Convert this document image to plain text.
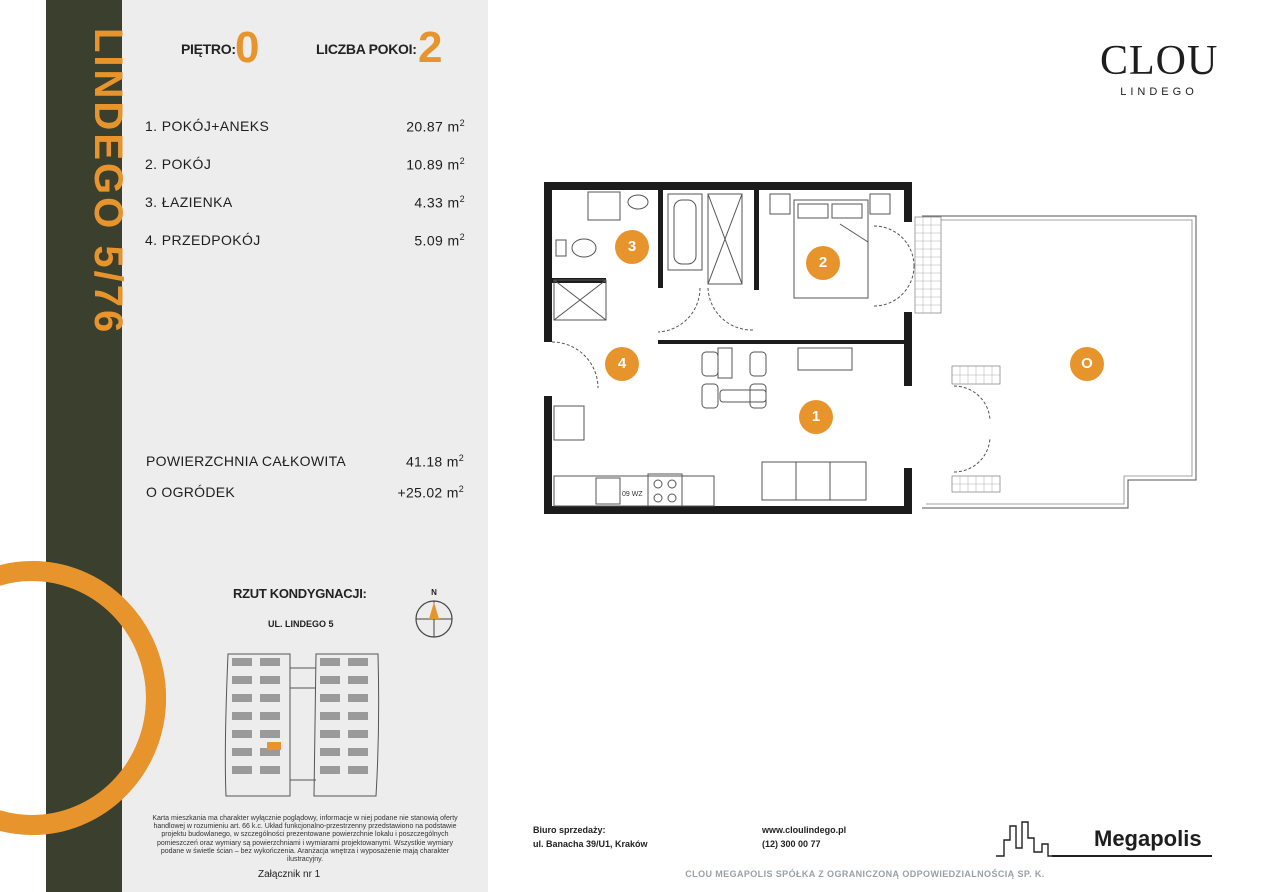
LINDEGO 5/76	PIĘTRO: 0	LICZBA POKOI: 2
1. POKÓJ+ANEKS	20.87 $m^2$
2. POKÓJ	10.89 $m^2$
3. ŁAZIENKA	4.33 $m^2$
4. PRZEDPOKÓJ	5.09 $m^2$
POWIERZCHNIA CAŁKOWITA	41.18 $m^2$
O OGRÓDEK	+25.02 $m^2$
RZUT KONDYGNACJI:
UL. LINDEGO 5
N
Karta mieszkania ma charakter wyłącznie poglądowy, informacje w niej podane nie stanowią oferty handlowej w rozumieniu art. 66 k.c. Układ funkcjonalno-przestrzenny przedstawiono na podstawie projektu budowlanego, w szczególności prezentowane powierzchnie lokalu i poszczególnych pomieszczeń oraz wymiary są powierzchniami i wymiarami projektowanymi. Wszystkie wymiary podane w świetle ścian – bez wykończenia. Aranżacja wnętrza i wyposażenie mają charakter ilustracyjny.
Załącznik nr 1
CLOU
LINDEGO
09 WZ
1
2
3
4	O
Biuro sprzedaży:
ul. Banacha 39/U1, Kraków
www.cloulindego.pl
(12) 300 00 77	Megapolis
CLOU MEGAPOLIS SPÓŁKA Z OGRANICZONĄ ODPOWIEDZIALNOŚCIĄ SP. K.
